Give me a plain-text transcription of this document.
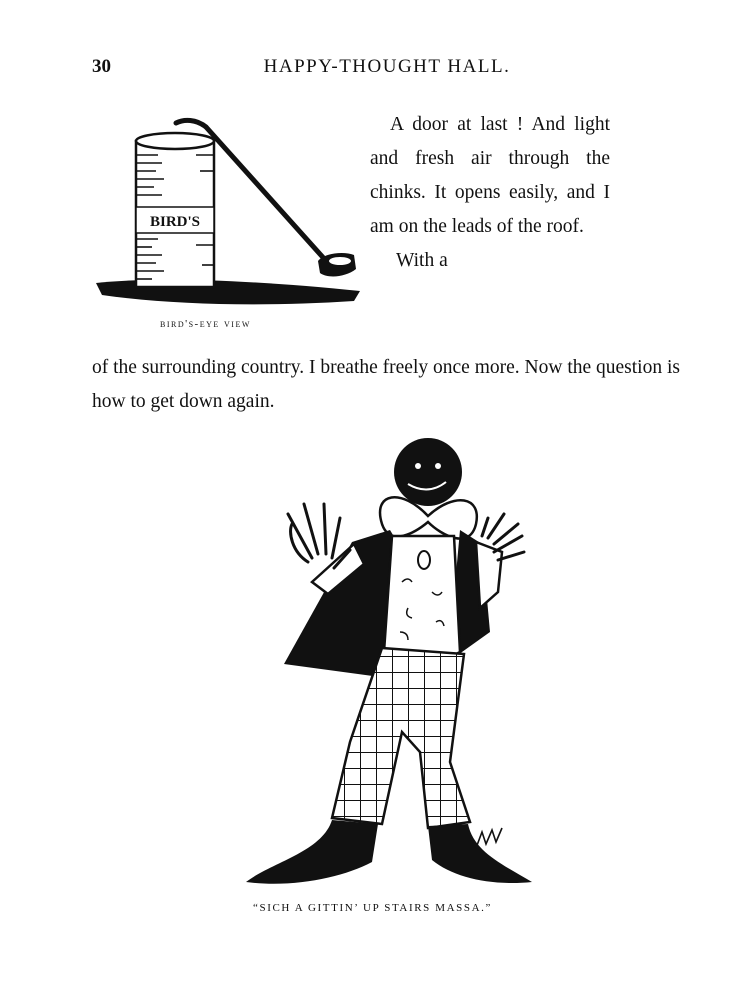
30	HAPPY-THOUGHT HALL.
BIRD'S
bird's-eye view

A door at last ! And light and fresh air through the chinks. It opens easily, and I am on the leads of the roof.

With a

of the surrounding country. I breathe freely once more. Now the question is how to get down again.

“SICH A GITTIN’ UP STAIRS MASSA.”
